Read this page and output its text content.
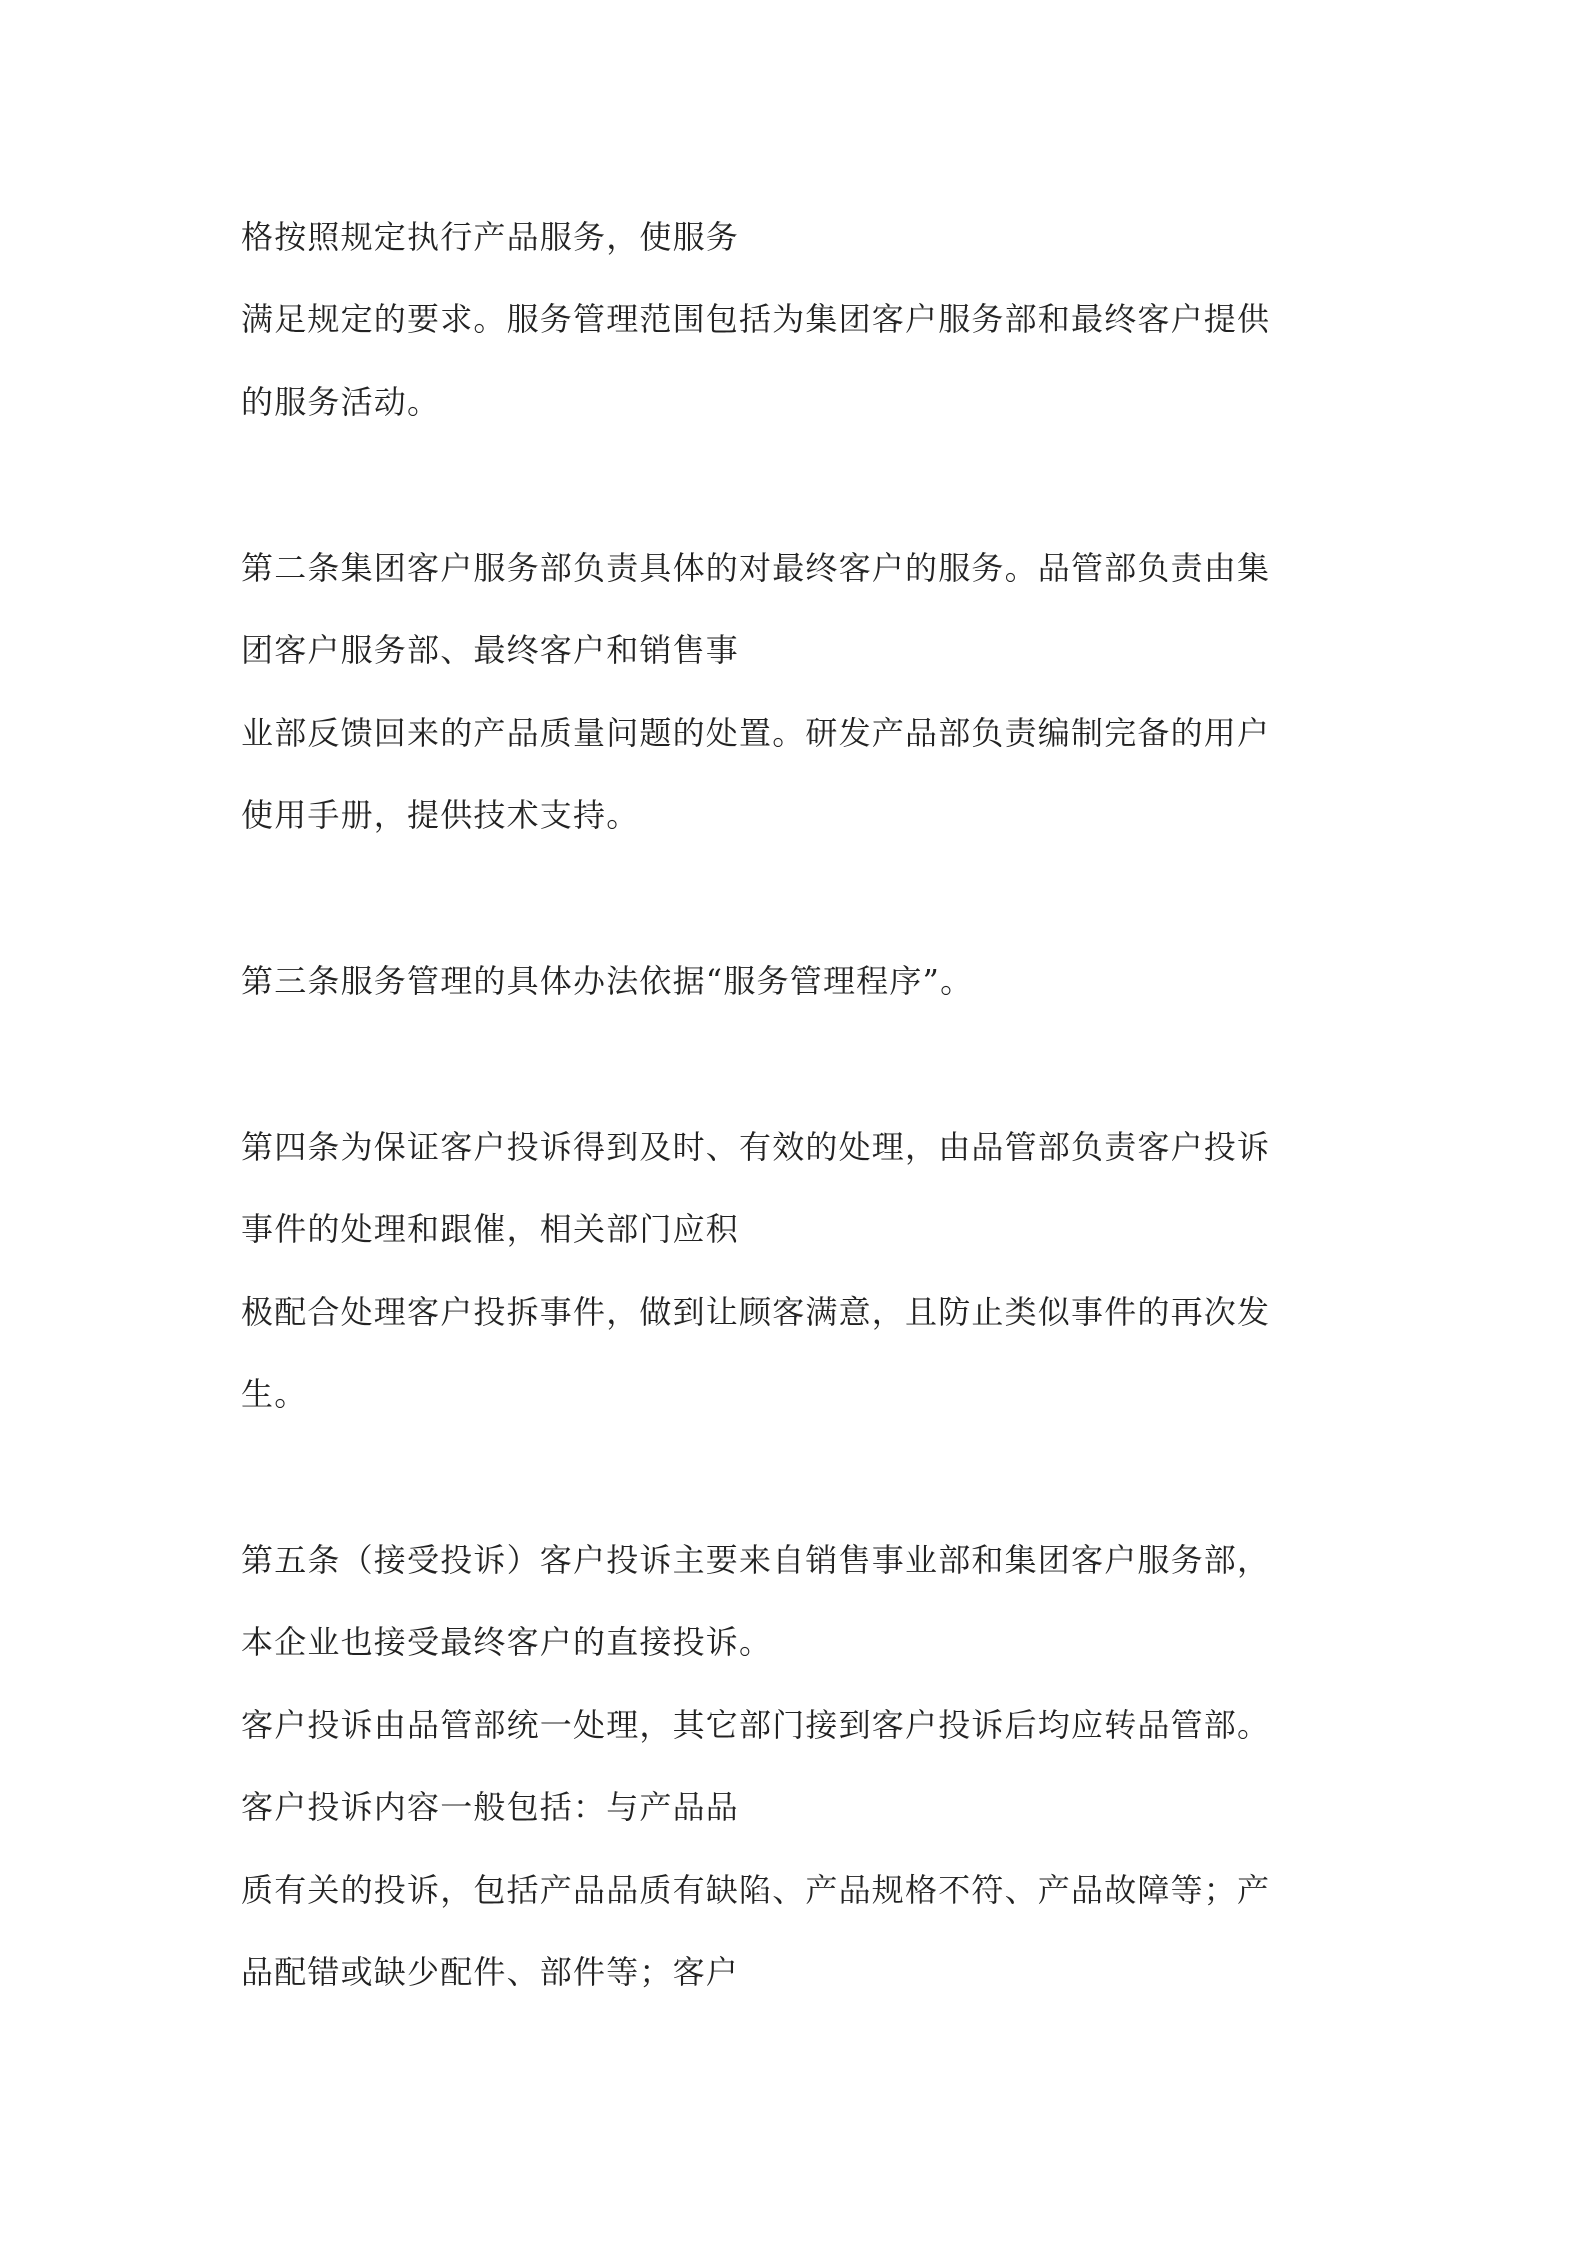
格按照规定执行产品服务，使服务
满足规定的要求。服务管理范围包括为集团客户服务部和最终客户提供
的服务活动。
第二条集团客户服务部负责具体的对最终客户的服务。品管部负责由集
团客户服务部、最终客户和销售事
业部反馈回来的产品质量问题的处置。研发产品部负责编制完备的用户
使用手册，提供技术支持。
第三条服务管理的具体办法依据“服务管理程序”。
第四条为保证客户投诉得到及时、有效的处理，由品管部负责客户投诉
事件的处理和跟催，相关部门应积
极配合处理客户投拆事件，做到让顾客满意，且防止类似事件的再次发
生。
第五条（接受投诉）客户投诉主要来自销售事业部和集团客户服务部，
本企业也接受最终客户的直接投诉。
客户投诉由品管部统一处理，其它部门接到客户投诉后均应转品管部。
客户投诉内容一般包括：与产品品
质有关的投诉，包括产品品质有缺陷、产品规格不符、产品故障等；产
品配错或缺少配件、部件等；客户
